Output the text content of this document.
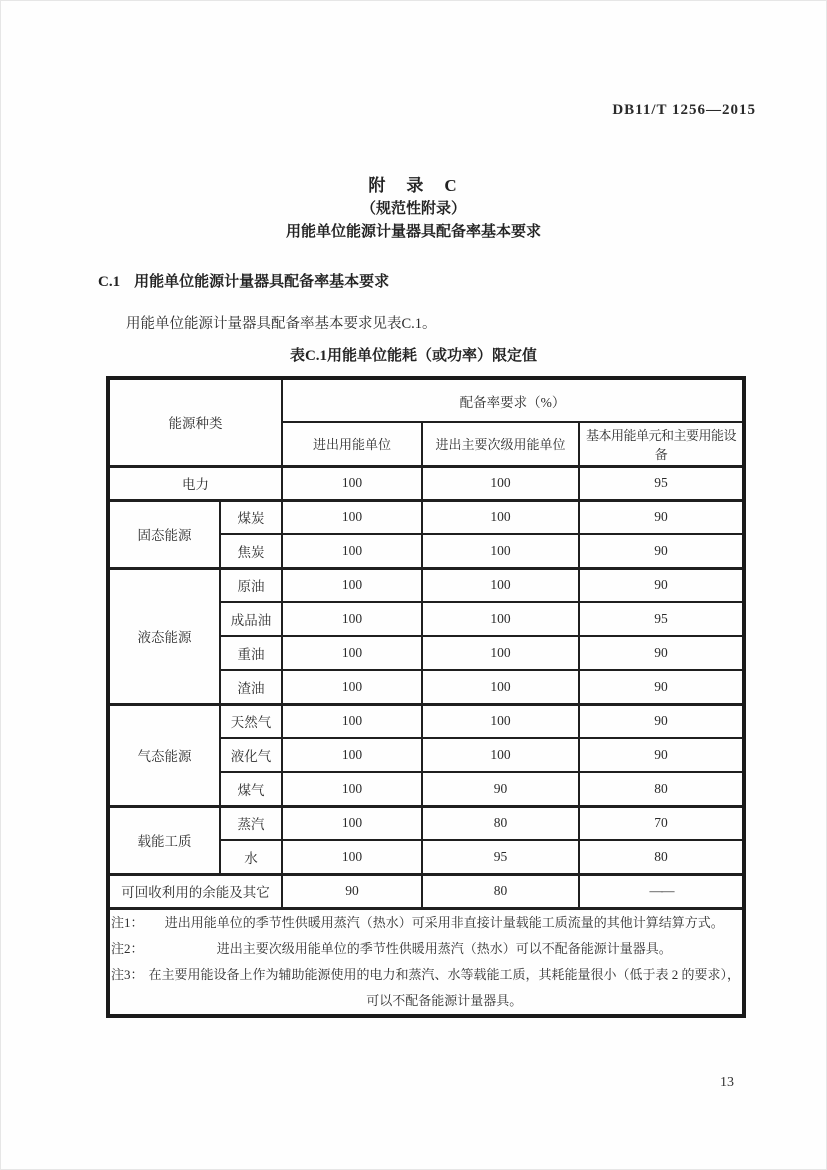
DB11/T 1256—2015
附　录　C
（规范性附录）
用能单位能源计量器具配备率基本要求
C.1 用能单位能源计量器具配备率基本要求
用能单位能源计量器具配备率基本要求见表C.1。
表C.1用能单位能耗（或功率）限定值
能源种类		配备率要求（%）		
		进出用能单位	进出主要次级用能单位	基本用能单元和主要用能设备
电力		100	100	95
固态能源	煤炭	100	100	90
	焦炭	100	100	90
液态能源	原油	100	100	90
	成品油	100	100	95
	重油	100	100	90
	渣油	100	100	90
气态能源	天然气	100	100	90
	液化气	100	100	90
	煤气	100	90	80
载能工质	蒸汽	100	80	70
	水	100	95	80
可回收利用的余能及其它		90	80	——

注1：	进出用能单位的季节性供暖用蒸汽（热水）可采用非直接计量载能工质流量的其他计算结算方式。
注2：	进出主要次级用能单位的季节性供暖用蒸汽（热水）可以不配备能源计量器具。
注3： 在主要用能设备上作为辅助能源使用的电力和蒸汽、水等载能工质，其耗能量很小（低于表 2 的要求），可以不配备能源计量器具。
13
